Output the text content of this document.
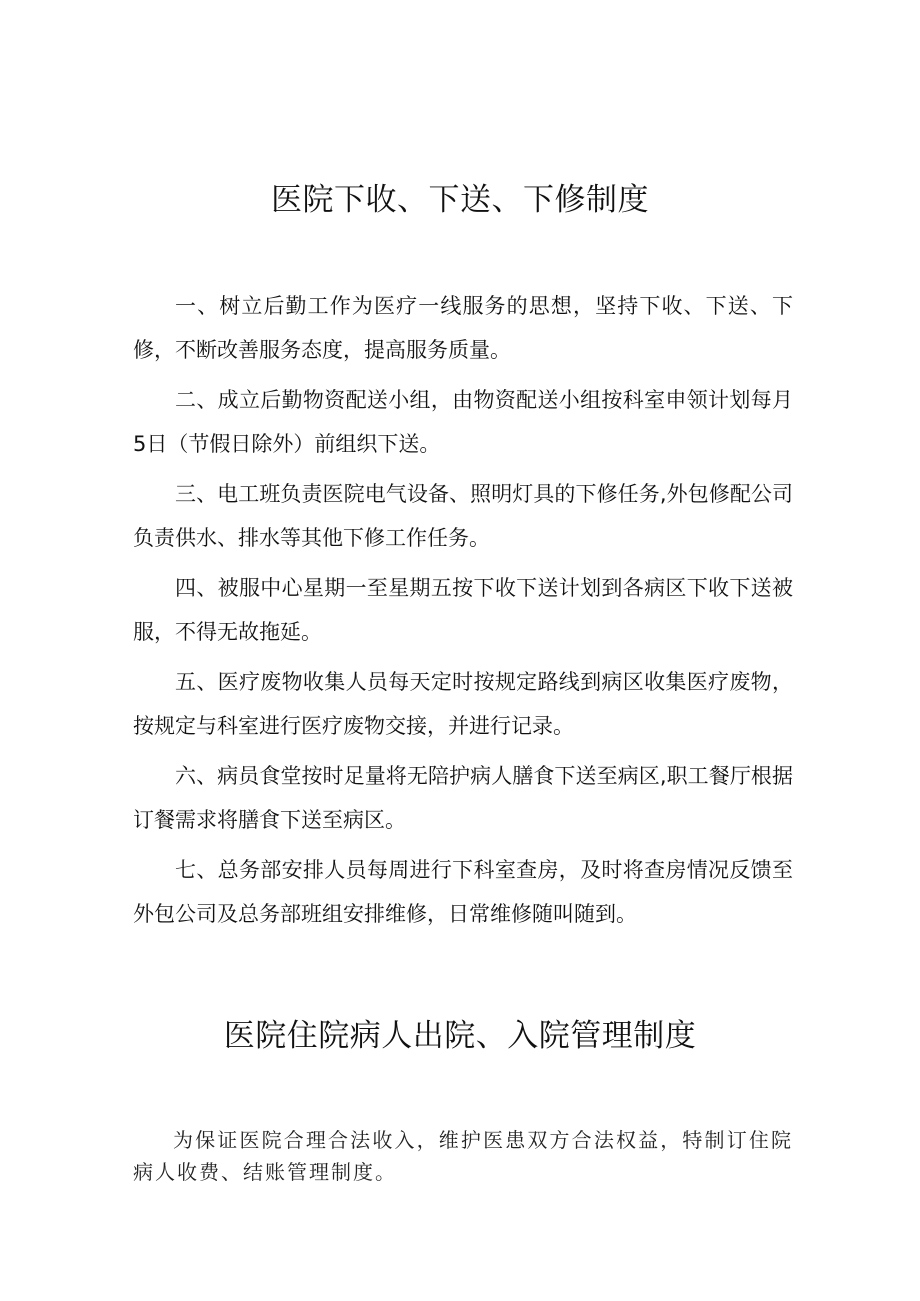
医院下收、下送、下修制度

一、树立后勤工作为医疗一线服务的思想，坚持下收、下送、下修，不断改善服务态度，提高服务质量。

二、成立后勤物资配送小组，由物资配送小组按科室申领计划每月5日（节假日除外）前组织下送。

三、电工班负责医院电气设备、照明灯具的下修任务,外包修配公司负责供水、排水等其他下修工作任务。

四、被服中心星期一至星期五按下收下送计划到各病区下收下送被服，不得无故拖延。

五、医疗废物收集人员每天定时按规定路线到病区收集医疗废物，按规定与科室进行医疗废物交接，并进行记录。

六、病员食堂按时足量将无陪护病人膳食下送至病区,职工餐厅根据订餐需求将膳食下送至病区。

七、总务部安排人员每周进行下科室查房，及时将查房情况反馈至外包公司及总务部班组安排维修，日常维修随叫随到。

医院住院病人出院、入院管理制度

为保证医院合理合法收入，维护医患双方合法权益，特制订住院病人收费、结账管理制度。
